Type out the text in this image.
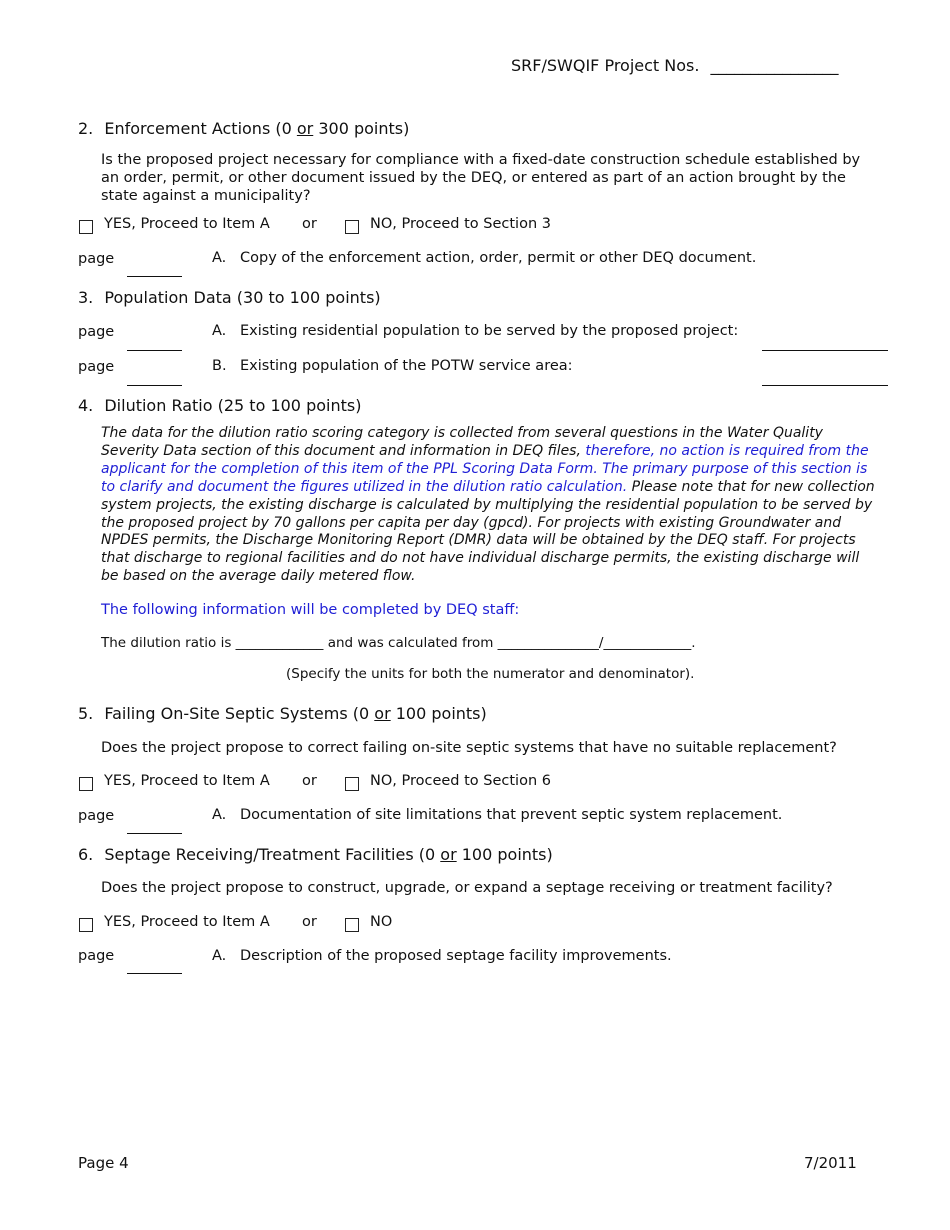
SRF/SWQIF Project Nos. ________________
2. Enforcement Actions (0 or 300 points)
Is the proposed project necessary for compliance with a fixed-date construction schedule established by an order, permit, or other document issued by the DEQ, or entered as part of an action brought by the state against a municipality?
YES, Proceed to Item A or	NO, Proceed to Section 3
page	A. Copy of the enforcement action, order, permit or other DEQ document.
3. Population Data (30 to 100 points)
page	A. Existing residential population to be served by the proposed project:
page	B. Existing population of the POTW service area:
4. Dilution Ratio (25 to 100 points)
The data for the dilution ratio scoring category is collected from several questions in the Water Quality Severity Data section of this document and information in DEQ files, therefore, no action is required from the applicant for the completion of this item of the PPL Scoring Data Form. The primary purpose of this section is to clarify and document the figures utilized in the dilution ratio calculation. Please note that for new collection system projects, the existing discharge is calculated by multiplying the residential population to be served by the proposed project by 70 gallons per capita per day (gpcd). For projects with existing Groundwater and NPDES permits, the Discharge Monitoring Report (DMR) data will be obtained by the DEQ staff. For projects that discharge to regional facilities and do not have individual discharge permits, the existing discharge will be based on the average daily metered flow.
The following information will be completed by DEQ staff:
The dilution ratio is _____________ and was calculated from _______________/_____________.
(Specify the units for both the numerator and denominator).
5. Failing On-Site Septic Systems (0 or 100 points)
Does the project propose to correct failing on-site septic systems that have no suitable replacement?
YES, Proceed to Item A or	NO, Proceed to Section 6
page	A. Documentation of site limitations that prevent septic system replacement.
6. Septage Receiving/Treatment Facilities (0 or 100 points)
Does the project propose to construct, upgrade, or expand a septage receiving or treatment facility?
YES, Proceed to Item A or	NO
page	A. Description of the proposed septage facility improvements.
Page 4	7/2011
